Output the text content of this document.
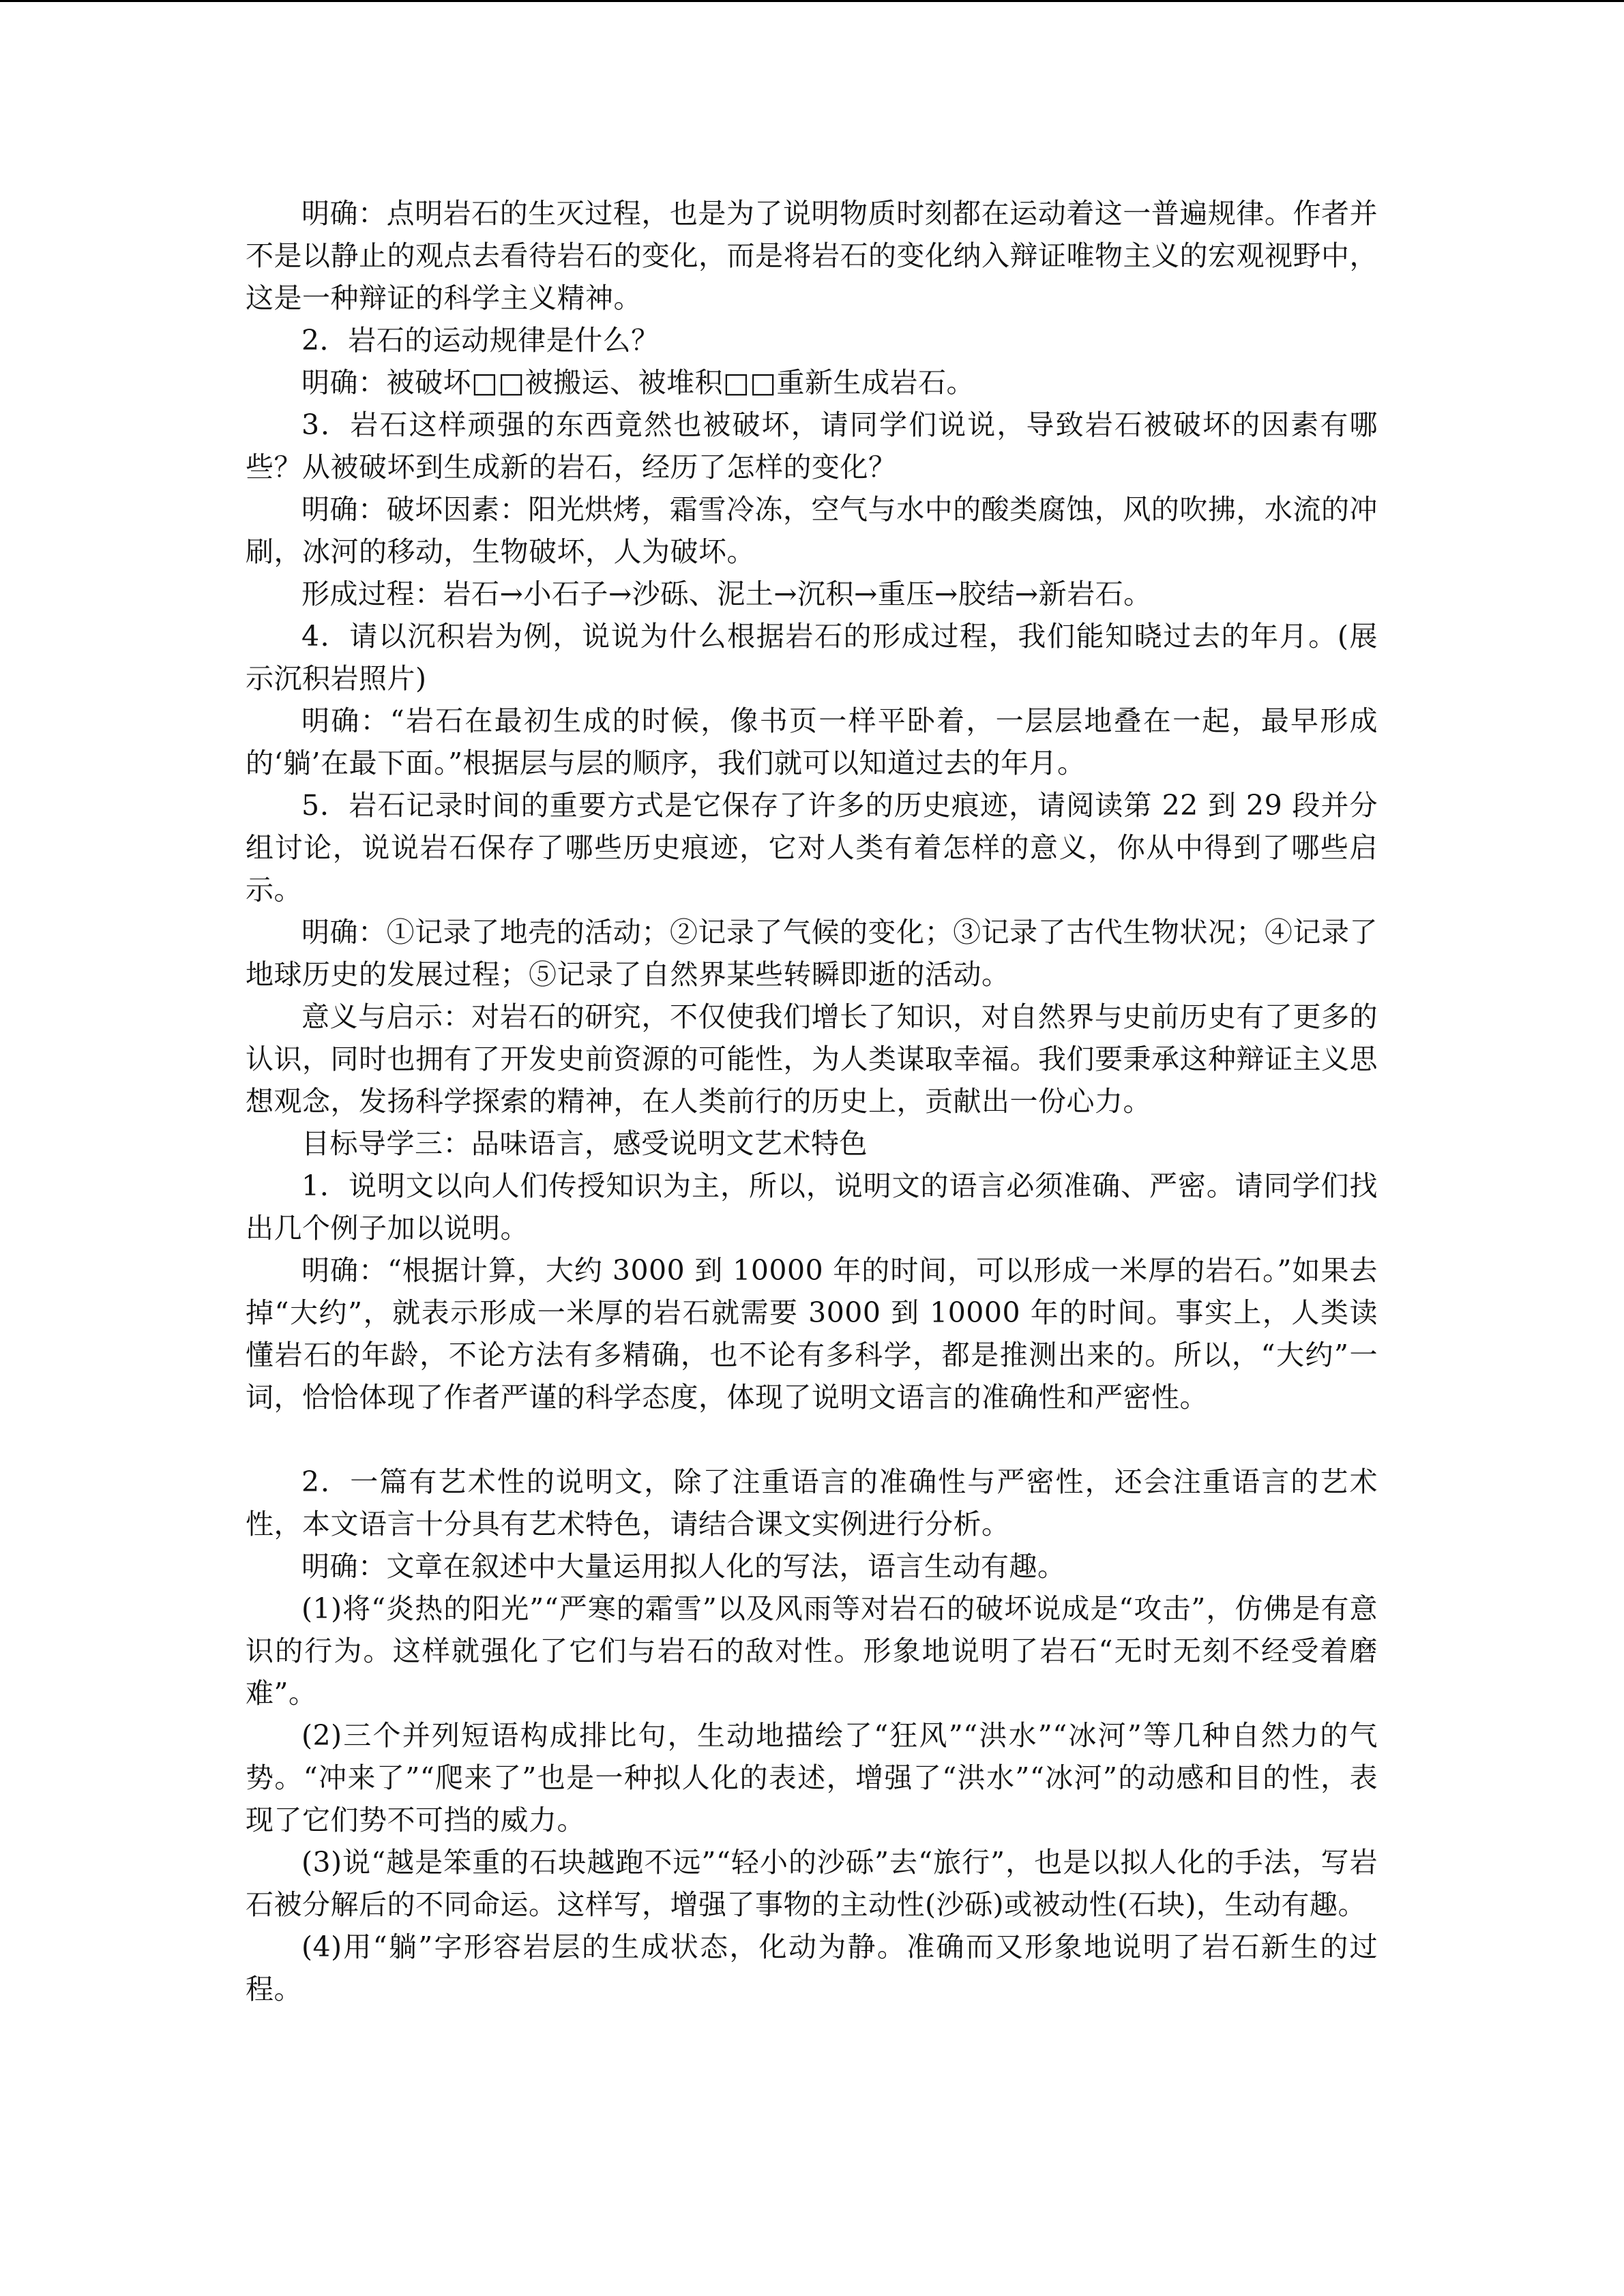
明确：点明岩石的生灭过程，也是为了说明物质时刻都在运动着这一普遍规律。作者并不是以静止的观点去看待岩石的变化，而是将岩石的变化纳入辩证唯物主义的宏观视野中，这是一种辩证的科学主义精神。

2．岩石的运动规律是什么？

明确：被破坏□□被搬运、被堆积□□重新生成岩石。

3．岩石这样顽强的东西竟然也被破坏，请同学们说说，导致岩石被破坏的因素有哪些？从被破坏到生成新的岩石，经历了怎样的变化？

明确：破坏因素：阳光烘烤，霜雪冷冻，空气与水中的酸类腐蚀，风的吹拂，水流的冲刷，冰河的移动，生物破坏，人为破坏。

形成过程：岩石→小石子→沙砾、泥土→沉积→重压→胶结→新岩石。

4．请以沉积岩为例，说说为什么根据岩石的形成过程，我们能知晓过去的年月。(展示沉积岩照片)

明确：“岩石在最初生成的时候，像书页一样平卧着，一层层地叠在一起，最早形成的‘躺’在最下面。”根据层与层的顺序，我们就可以知道过去的年月。

5．岩石记录时间的重要方式是它保存了许多的历史痕迹，请阅读第 22 到 29 段并分组讨论，说说岩石保存了哪些历史痕迹，它对人类有着怎样的意义，你从中得到了哪些启示。

明确：①记录了地壳的活动；②记录了气候的变化；③记录了古代生物状况；④记录了地球历史的发展过程；⑤记录了自然界某些转瞬即逝的活动。

意义与启示：对岩石的研究，不仅使我们增长了知识，对自然界与史前历史有了更多的认识，同时也拥有了开发史前资源的可能性，为人类谋取幸福。我们要秉承这种辩证主义思想观念，发扬科学探索的精神，在人类前行的历史上，贡献出一份心力。

目标导学三：品味语言，感受说明文艺术特色

1．说明文以向人们传授知识为主，所以，说明文的语言必须准确、严密。请同学们找出几个例子加以说明。

明确：“根据计算，大约 3000 到 10000 年的时间，可以形成一米厚的岩石。”如果去掉“大约”，就表示形成一米厚的岩石就需要 3000 到 10000 年的时间。事实上，人类读懂岩石的年龄，不论方法有多精确，也不论有多科学，都是推测出来的。所以，“大约”一词，恰恰体现了作者严谨的科学态度，体现了说明文语言的准确性和严密性。

2．一篇有艺术性的说明文，除了注重语言的准确性与严密性，还会注重语言的艺术性，本文语言十分具有艺术特色，请结合课文实例进行分析。

明确：文章在叙述中大量运用拟人化的写法，语言生动有趣。

(1)将“炎热的阳光”“严寒的霜雪”以及风雨等对岩石的破坏说成是“攻击”，仿佛是有意识的行为。这样就强化了它们与岩石的敌对性。形象地说明了岩石“无时无刻不经受着磨难”。

(2)三个并列短语构成排比句，生动地描绘了“狂风”“洪水”“冰河”等几种自然力的气势。“冲来了”“爬来了”也是一种拟人化的表述，增强了“洪水”“冰河”的动感和目的性，表现了它们势不可挡的威力。

(3)说“越是笨重的石块越跑不远”“轻小的沙砾”去“旅行”，也是以拟人化的手法，写岩石被分解后的不同命运。这样写，增强了事物的主动性(沙砾)或被动性(石块)，生动有趣。

(4)用“躺”字形容岩层的生成状态，化动为静。准确而又形象地说明了岩石新生的过程。
